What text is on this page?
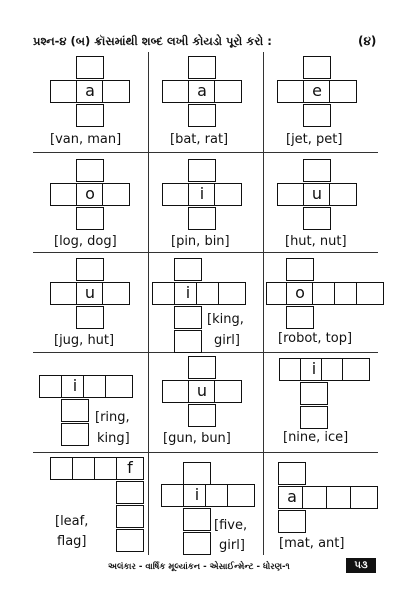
પ્રશ્ન-૪ (બ) ક્રૉસમાંથી શબ્દ લખી કોયડો પૂરો કરો :	(૪)
a
[van, man]
a
[bat, rat]
e
[jet, pet]
o
[log, dog]
i
[pin, bin]
u
[hut, nut]
u
[jug, hut]
i
[king,
girl]
o
[robot, top]
i
[ring,
king]
u
[gun, bun]
i
[nine, ice]
f
[leaf,
flag]
i
[five,
girl]
a
[mat, ant]
અલંકાર - વાર્ષિક મૂલ્યાંકન - એસાઈન્મેન્ટ - ધોરણ-૧	૫૩
